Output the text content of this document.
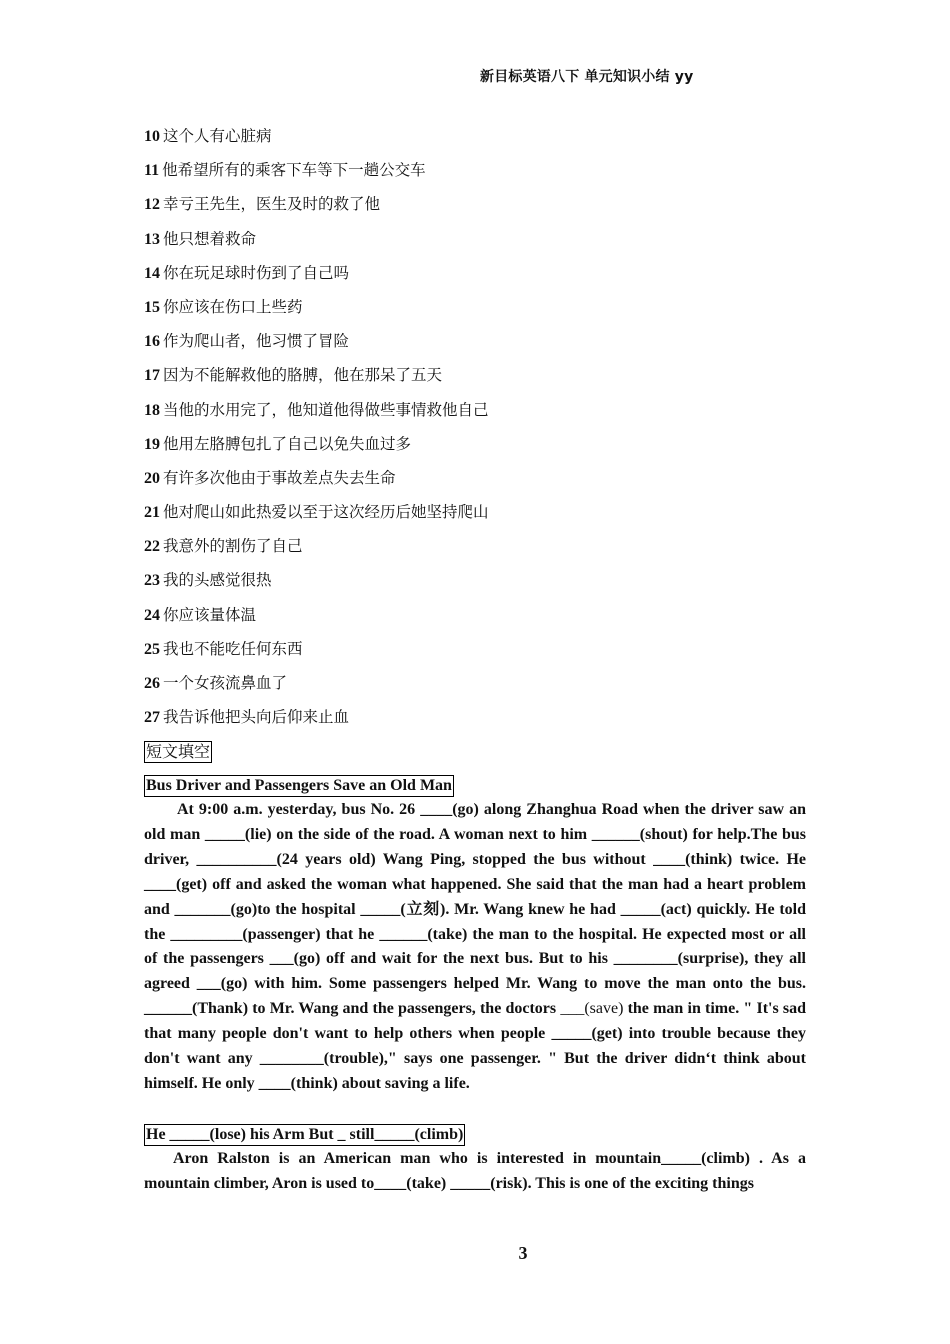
新目标英语八下 单元知识小结 yy
10 这个人有心脏病
11 他希望所有的乘客下车等下一趟公交车
12 幸亏王先生，医生及时的救了他
13 他只想着救命
14 你在玩足球时伤到了自己吗
15 你应该在伤口上些药
16 作为爬山者，他习惯了冒险
17 因为不能解救他的胳膊，他在那呆了五天
18 当他的水用完了，他知道他得做些事情救他自己
19 他用左胳膊包扎了自己以免失血过多
20 有许多次他由于事故差点失去生命
21 他对爬山如此热爱以至于这次经历后她坚持爬山
22 我意外的割伤了自己
23 我的头感觉很热
24 你应该量体温
25 我也不能吃任何东西
26 一个女孩流鼻血了
27 我告诉他把头向后仰来止血
短文填空
Bus Driver and Passengers Save an Old Man
At 9:00 a.m. yesterday, bus No. 26 ____(go) along Zhanghua Road when the driver saw an old man _____(lie) on the side of the road. A woman next to him ______(shout) for help.The bus driver, __________(24 years old) Wang Ping, stopped the bus without ____(think) twice. He ____(get) off and asked the woman what happened. She said that the man had a heart problem and _______(go)to the hospital _____(立刻). Mr. Wang knew he had _____(act) quickly. He told the _________(passenger) that he ______(take) the man to the hospital. He expected most or all of the passengers ___(go) off and wait for the next bus. But to his ________(surprise), they all agreed ___(go) with him. Some passengers helped Mr. Wang to move the man onto the bus. ______(Thank) to Mr. Wang and the passengers, the doctors ___(save) the man in time. " It's sad that many people don't want to help others when people _____(get) into trouble because they don't want any ________(trouble)," says one passenger. " But the driver didn‘t think about himself. He only ____(think) about saving a life.
He _____(lose) his Arm But _ still_____(climb)
Aron Ralston is an American man who is interested in mountain_____(climb) . As a mountain climber, Aron is used to____(take) _____(risk). This is one of the exciting things
3
